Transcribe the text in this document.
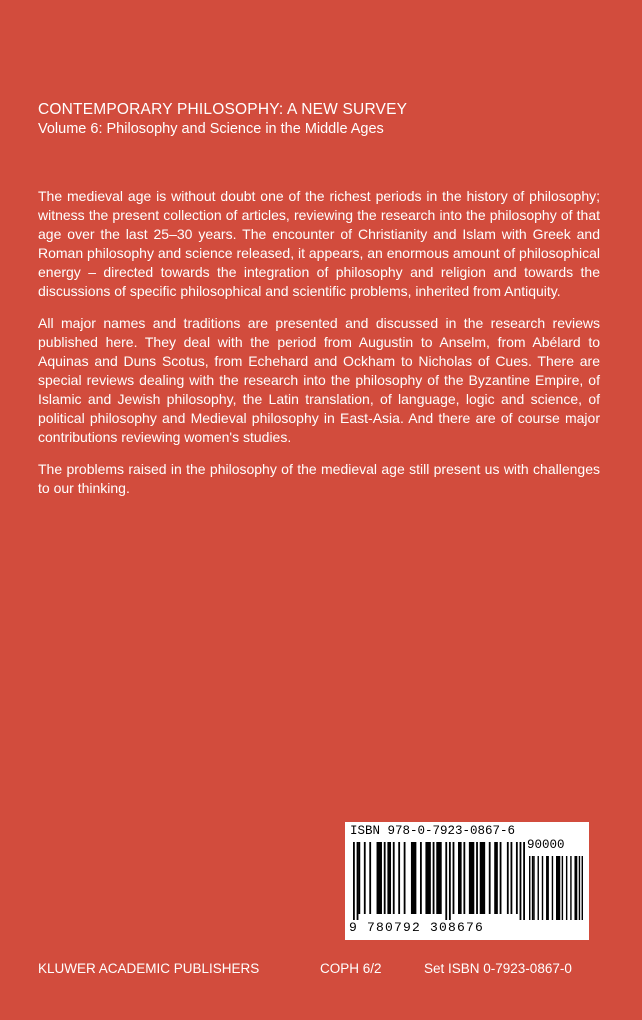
CONTEMPORARY PHILOSOPHY: A NEW SURVEY
Volume 6: Philosophy and Science in the Middle Ages

The medieval age is without doubt one of the richest periods in the history of philosophy; witness the present collection of articles, reviewing the research into the philosophy of that age over the last 25–30 years. The encounter of Christianity and Islam with Greek and Roman philosophy and science released, it appears, an enormous amount of philosophical energy – directed towards the integration of philosophy and religion and towards the discussions of specific philosophical and scientific problems, inherited from Antiquity.

All major names and traditions are presented and discussed in the research reviews published here. They deal with the period from Augustin to Anselm, from Abélard to Aquinas and Duns Scotus, from Echehard and Ockham to Nicholas of Cues. There are special reviews dealing with the research into the philosophy of the Byzantine Empire, of Islamic and Jewish philosophy, the Latin translation, of language, logic and science, of political philosophy and Medieval philosophy in East-Asia. And there are of course major contributions reviewing women's studies.

The problems raised in the philosophy of the medieval age still present us with challenges to our thinking.

ISBN 978-0-7923-0867-6
90000
9 780792 308676
KLUWER ACADEMIC PUBLISHERS	COPH 6/2	Set ISBN 0-7923-0867-0
